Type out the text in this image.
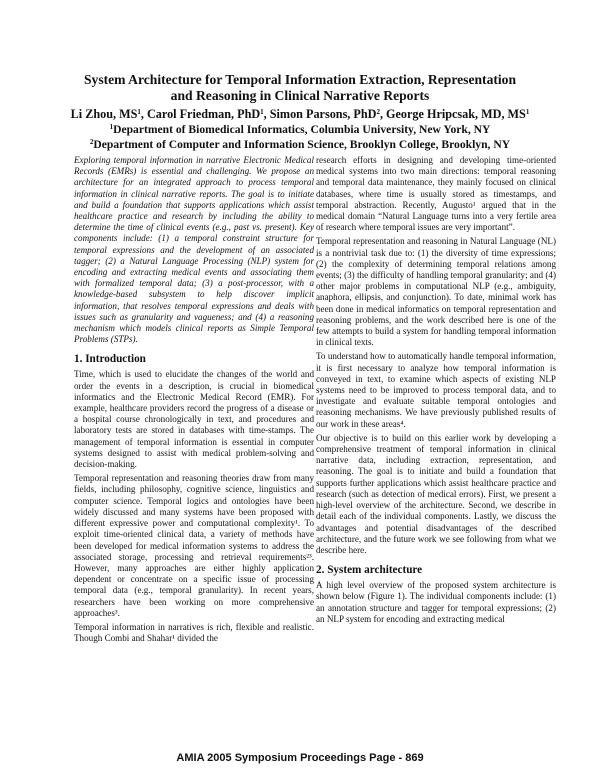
System Architecture for Temporal Information Extraction, Representation
and Reasoning in Clinical Narrative Reports
Li Zhou, $MS^1$, Carol Friedman, PhD$^1$, Simon Parsons, PhD$^2$, George Hripcsak, MD, $MS^1$
$^1$Department of Biomedical Informatics, Columbia University, New York, NY
$^2$Department of Computer and Information Science, Brooklyn College, Brooklyn, NY

Exploring temporal information in narrative Electronic Medical Records (EMRs) is essential and challenging. We propose an architecture for an integrated approach to process temporal information in clinical narrative reports. The goal is to initiate and build a foundation that supports applications which assist healthcare practice and research by including the ability to determine the time of clinical events (e.g., past vs. present). Key components include: (1) a temporal constraint structure for temporal expressions and the development of an associated tagger; (2) a Natural Language Processing (NLP) system for encoding and extracting medical events and associating them with formalized temporal data; (3) a post-processor, with a knowledge-based subsystem to help discover implicit information, that resolves temporal expressions and deals with issues such as granularity and vagueness; and (4) a reasoning mechanism which models clinical reports as Simple Temporal Problems (STPs).

1. Introduction

Time, which is used to elucidate the changes of the world and order the events in a description, is crucial in biomedical informatics and the Electronic Medical Record (EMR). For example, healthcare providers record the progress of a disease or a hospital course chronologically in text, and procedures and laboratory tests are stored in databases with time-stamps. The management of temporal information is essential in computer systems designed to assist with medical problem-solving and decision-making.

Temporal representation and reasoning theories draw from many fields, including philosophy, cognitive science, linguistics and computer science. Temporal logics and ontologies have been widely discussed and many systems have been proposed with different expressive power and computational complexity¹. To exploit time-oriented clinical data, a variety of methods have been developed for medical information systems to address the associated storage, processing and retrieval requirements²³. However, many approaches are either highly application dependent or concentrate on a specific issue of processing temporal data (e.g., temporal granularity). In recent years, researchers have been working on more comprehensive approaches³.

Temporal information in narratives is rich, flexible and realistic. Though Combi and Shahar¹ divided the

research efforts in designing and developing time-oriented medical systems into two main directions: temporal reasoning and temporal data maintenance, they mainly focused on clinical databases, where time is usually stored as timestamps, and temporal abstraction. Recently, Augusto¹ argued that in the medical domain “Natural Language turns into a very fertile area of research where temporal issues are very important”.

Temporal representation and reasoning in Natural Language (NL) is a nontrivial task due to: (1) the diversity of time expressions; (2) the complexity of determining temporal relations among events; (3) the difficulty of handling temporal granularity; and (4) other major problems in computational NLP (e.g., ambiguity, anaphora, ellipsis, and conjunction). To date, minimal work has been done in medical informatics on temporal representation and reasoning problems, and the work described here is one of the few attempts to build a system for handling temporal information in clinical texts.

To understand how to automatically handle temporal information, it is first necessary to analyze how temporal information is conveyed in text, to examine which aspects of existing NLP systems need to be improved to process temporal data, and to investigate and evaluate suitable temporal ontologies and reasoning mechanisms. We have previously published results of our work in these areas⁴.

Our objective is to build on this earlier work by developing a comprehensive treatment of temporal information in clinical narrative data, including extraction, representation, and reasoning. The goal is to initiate and build a foundation that supports further applications which assist healthcare practice and research (such as detection of medical errors). First, we present a high-level overview of the architecture. Second, we describe in detail each of the individual components. Lastly, we discuss the advantages and potential disadvantages of the described architecture, and the future work we see following from what we describe here.

2. System architecture

A high level overview of the proposed system architecture is shown below (Figure 1). The individual components include: (1) an annotation structure and tagger for temporal expressions; (2) an NLP system for encoding and extracting medical

AMIA 2005 Symposium Proceedings Page - 869
